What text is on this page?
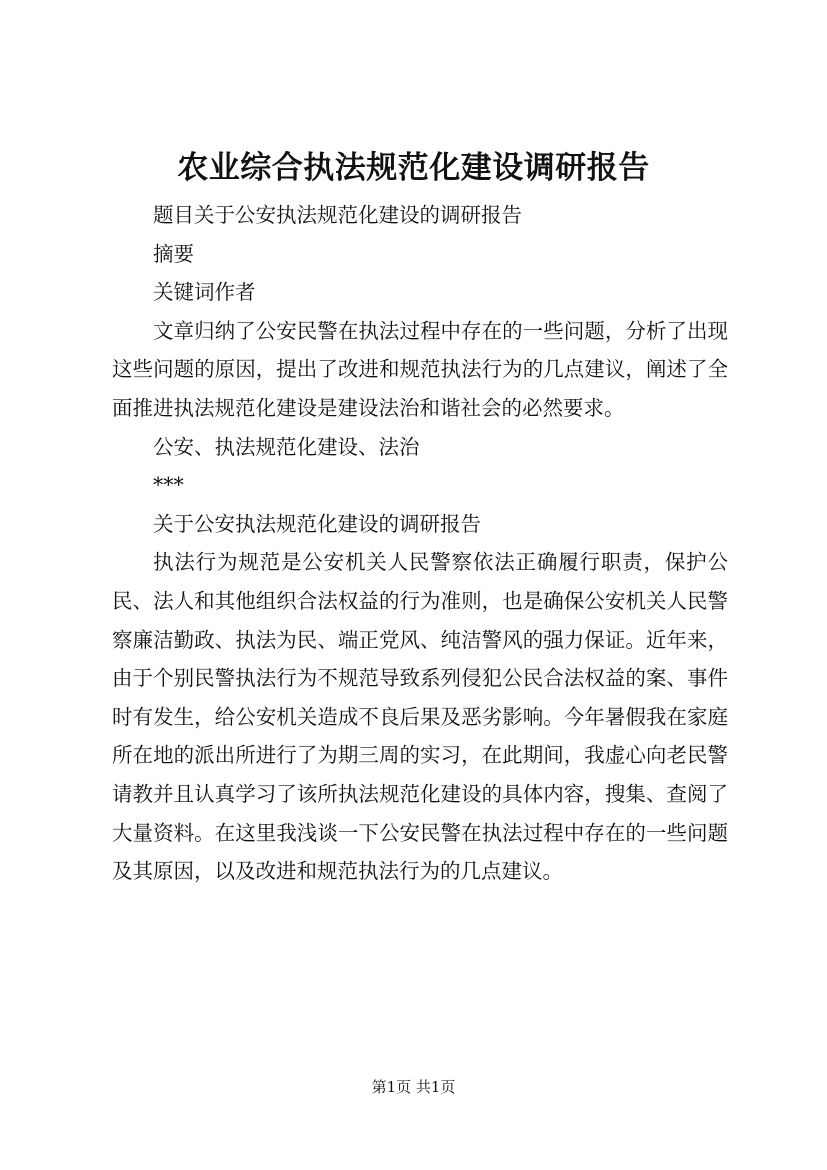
农业综合执法规范化建设调研报告

题目关于公安执法规范化建设的调研报告

摘要

关键词作者

文章归纳了公安民警在执法过程中存在的一些问题，分析了出现这些问题的原因，提出了改进和规范执法行为的几点建议，阐述了全面推进执法规范化建设是建设法治和谐社会的必然要求。

公安、执法规范化建设、法治

***

关于公安执法规范化建设的调研报告

执法行为规范是公安机关人民警察依法正确履行职责，保护公民、法人和其他组织合法权益的行为准则，也是确保公安机关人民警察廉洁勤政、执法为民、端正党风、纯洁警风的强力保证。近年来，由于个别民警执法行为不规范导致系列侵犯公民合法权益的案、事件时有发生，给公安机关造成不良后果及恶劣影响。今年暑假我在家庭所在地的派出所进行了为期三周的实习，在此期间，我虚心向老民警请教并且认真学习了该所执法规范化建设的具体内容，搜集、查阅了大量资料。在这里我浅谈一下公安民警在执法过程中存在的一些问题及其原因，以及改进和规范执法行为的几点建议。

第1页 共1页
